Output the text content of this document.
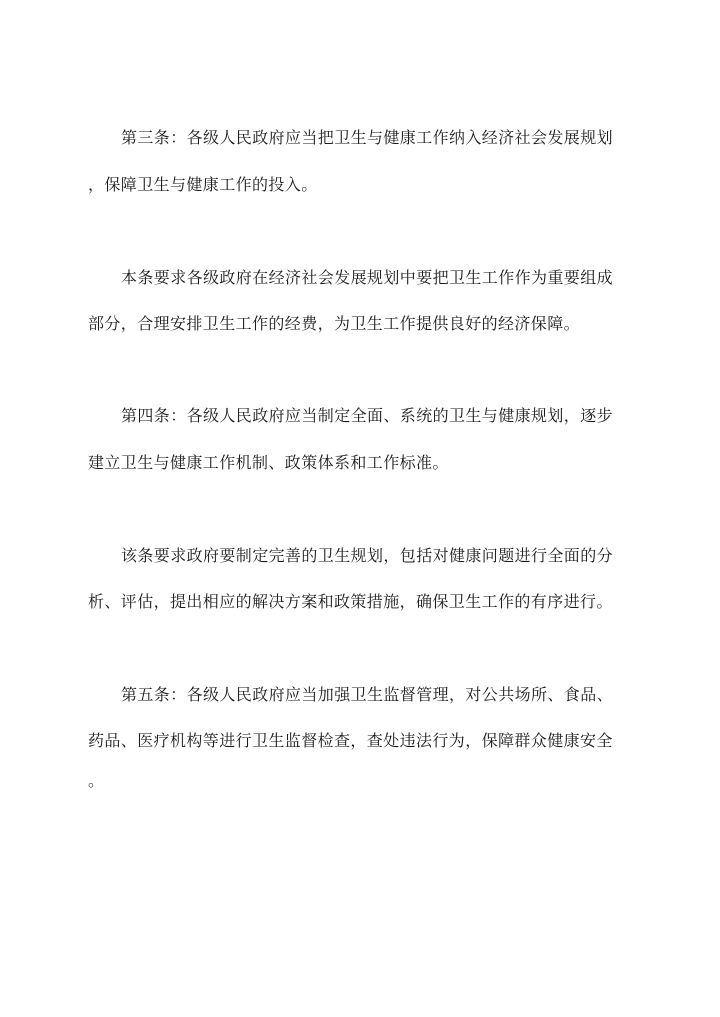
第三条：各级人民政府应当把卫生与健康工作纳入经济社会发展规划
，保障卫生与健康工作的投入。
本条要求各级政府在经济社会发展规划中要把卫生工作作为重要组成
部分，合理安排卫生工作的经费，为卫生工作提供良好的经济保障。
第四条：各级人民政府应当制定全面、系统的卫生与健康规划，逐步
建立卫生与健康工作机制、政策体系和工作标准。
该条要求政府要制定完善的卫生规划，包括对健康问题进行全面的分
析、评估，提出相应的解决方案和政策措施，确保卫生工作的有序进行。
第五条：各级人民政府应当加强卫生监督管理，对公共场所、食品、
药品、医疗机构等进行卫生监督检查，查处违法行为，保障群众健康安全
。
